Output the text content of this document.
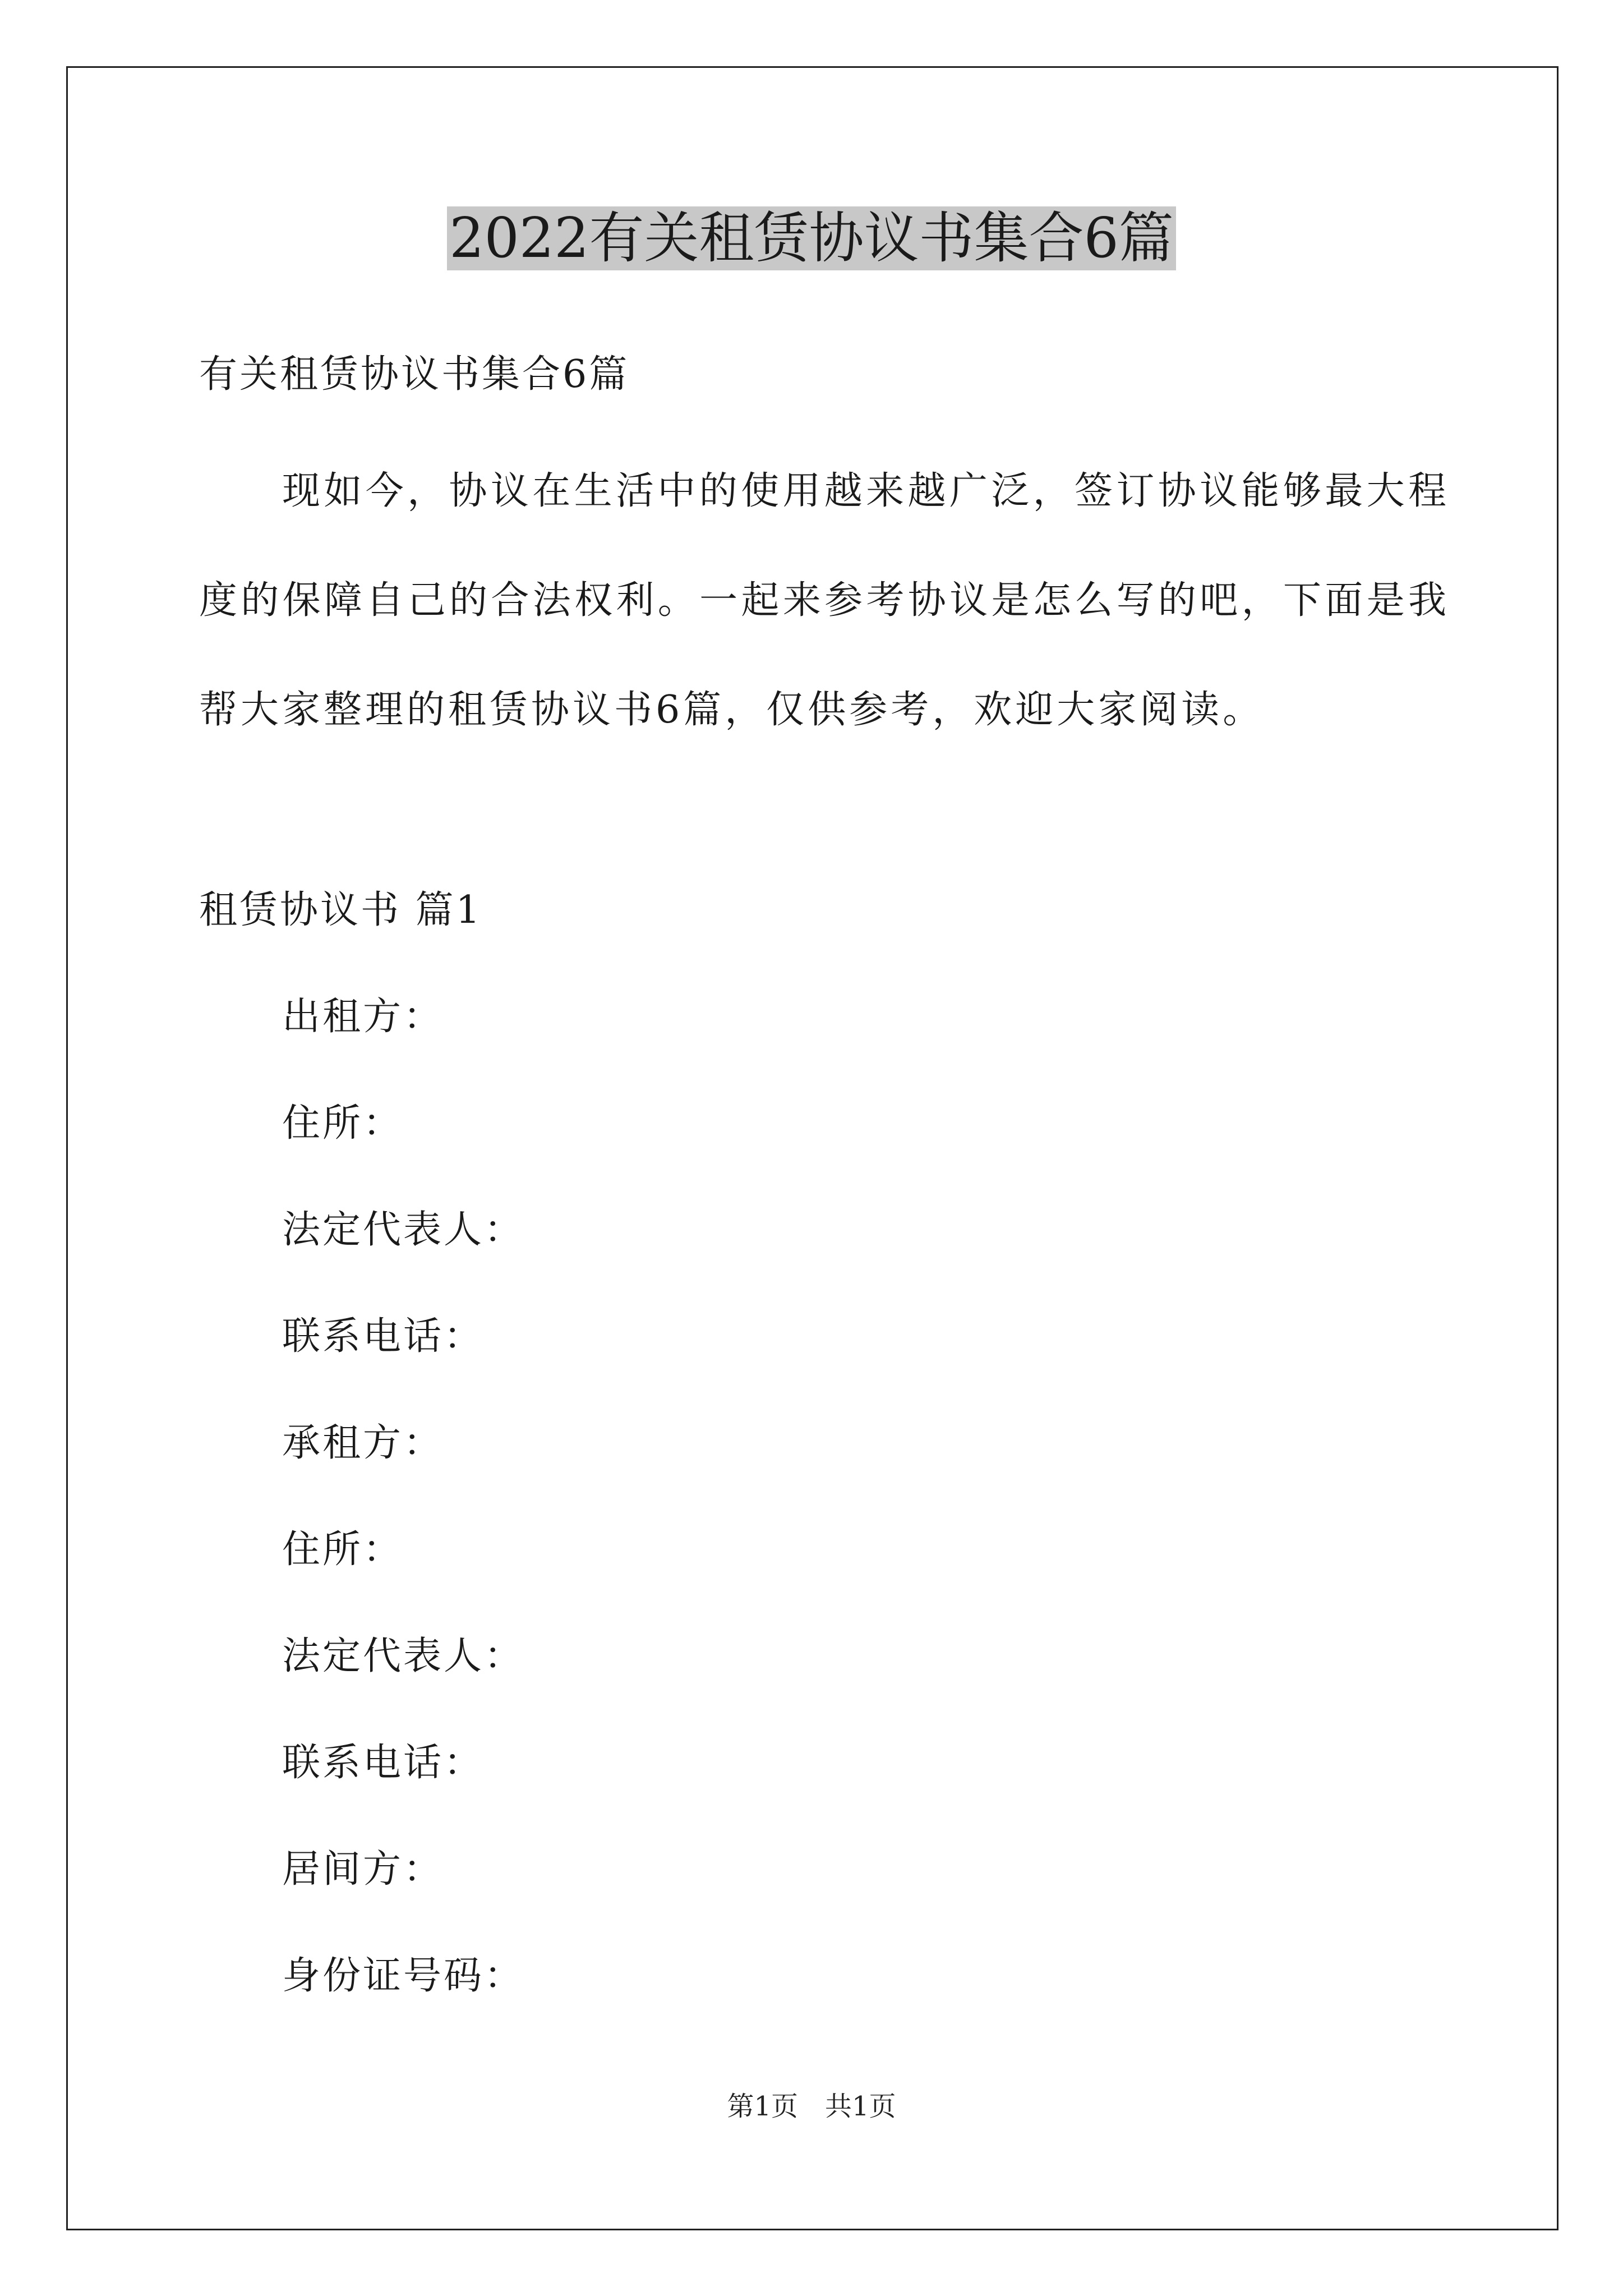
2022有关租赁协议书集合6篇

有关租赁协议书集合6篇

现如今，协议在生活中的使用越来越广泛，签订协议能够最大程度的保障自己的合法权利。一起来参考协议是怎么写的吧，下面是我帮大家整理的租赁协议书6篇，仅供参考，欢迎大家阅读。

租赁协议书 篇1

出租方：

住所：

法定代表人：

联系电话：

承租方：

住所：

法定代表人：

联系电话：

居间方：

身份证号码：

第1页 共1页
